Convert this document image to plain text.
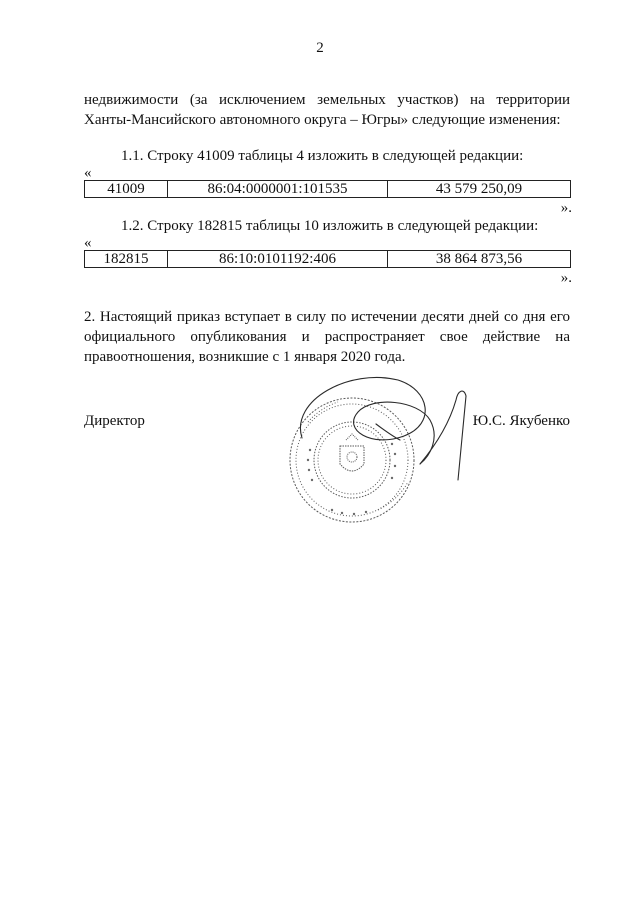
2
недвижимости (за исключением земельных участков) на территории Ханты-Мансийского автономного округа – Югры» следующие изменения:
1.1. Строку 41009 таблицы 4 изложить в следующей редакции:
«
41009	86:04:0000001:101535	43 579 250,09
».
1.2. Строку 182815 таблицы 10 изложить в следующей редакции:
«
182815	86:10:0101192:406	38 864 873,56
».
2. Настоящий приказ вступает в силу по истечении десяти дней со дня его официального опубликования и распространяет свое действие на правоотношения, возникшие с 1 января 2020 года.
Директор	Ю.С. Якубенко
